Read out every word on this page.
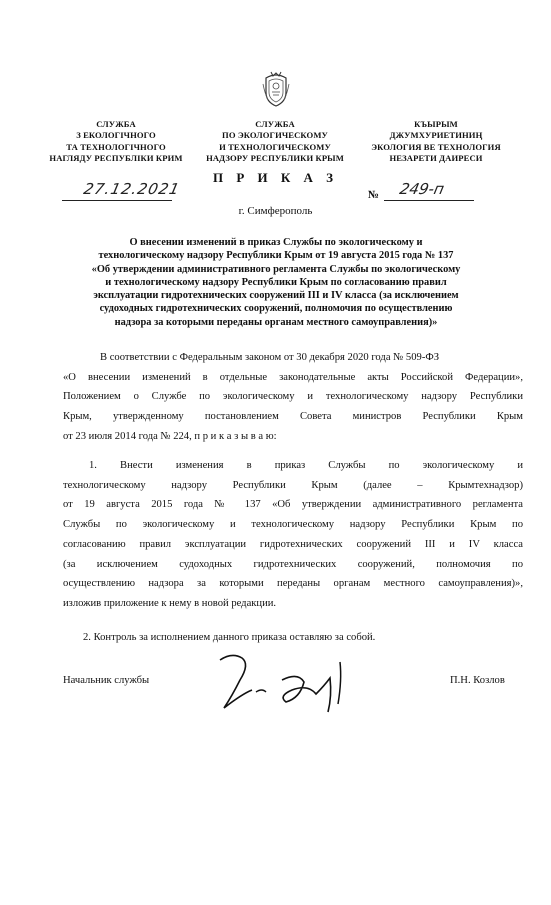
СЛУЖБА
З ЕКОЛОГІЧНОГО
ТА ТЕХНОЛОГІЧНОГО
НАГЛЯДУ РЕСПУБЛІКИ КРИМ
СЛУЖБА
ПО ЭКОЛОГИЧЕСКОМУ
И ТЕХНОЛОГИЧЕСКОМУ
НАДЗОРУ РЕСПУБЛИКИ КРЫМ
КЪЫРЫМ
ДЖУМХУРИЕТИНИҢ
ЭКОЛОГИЯ ВЕ ТЕХНОЛОГИЯ
НЕЗАРЕТИ ДАИРЕСИ
П Р И К А З
27.12.2021	№ 249-п
г. Симферополь
О внесении изменений в приказ Службы по экологическому и
технологическому надзору Республики Крым от 19 августа 2015 года № 137
«Об утверждении административного регламента Службы по экологическому
и технологическому надзору Республики Крым по согласованию правил
эксплуатации гидротехнических сооружений III и IV класса (за исключением
судоходных гидротехнических сооружений, полномочия по осуществлению
надзора за которыми переданы органам местного самоуправления)»
В соответствии с Федеральным законом от 30 декабря 2020 года № 509-ФЗ
«О внесении изменений в отдельные законодательные акты Российской Федерации»,
Положением о Службе по экологическому и технологическому надзору Республики
Крым, утвержденному постановлением Совета министров Республики Крым
от 23 июля 2014 года № 224, п р и к а з ы в а ю:
1. Внести изменения в приказ Службы по экологическому и
технологическому надзору Республики Крым (далее – Крымтехнадзор)
от 19 августа 2015 года № 137 «Об утверждении административного регламента
Службы по экологическому и технологическому надзору Республики Крым по
согласованию правил эксплуатации гидротехнических сооружений III и IV класса
(за исключением судоходных гидротехнических сооружений, полномочия по
осуществлению надзора за которыми переданы органам местного самоуправления)»,
изложив приложение к нему в новой редакции.
2. Контроль за исполнением данного приказа оставляю за собой.
Начальник службы	П.Н. Козлов
